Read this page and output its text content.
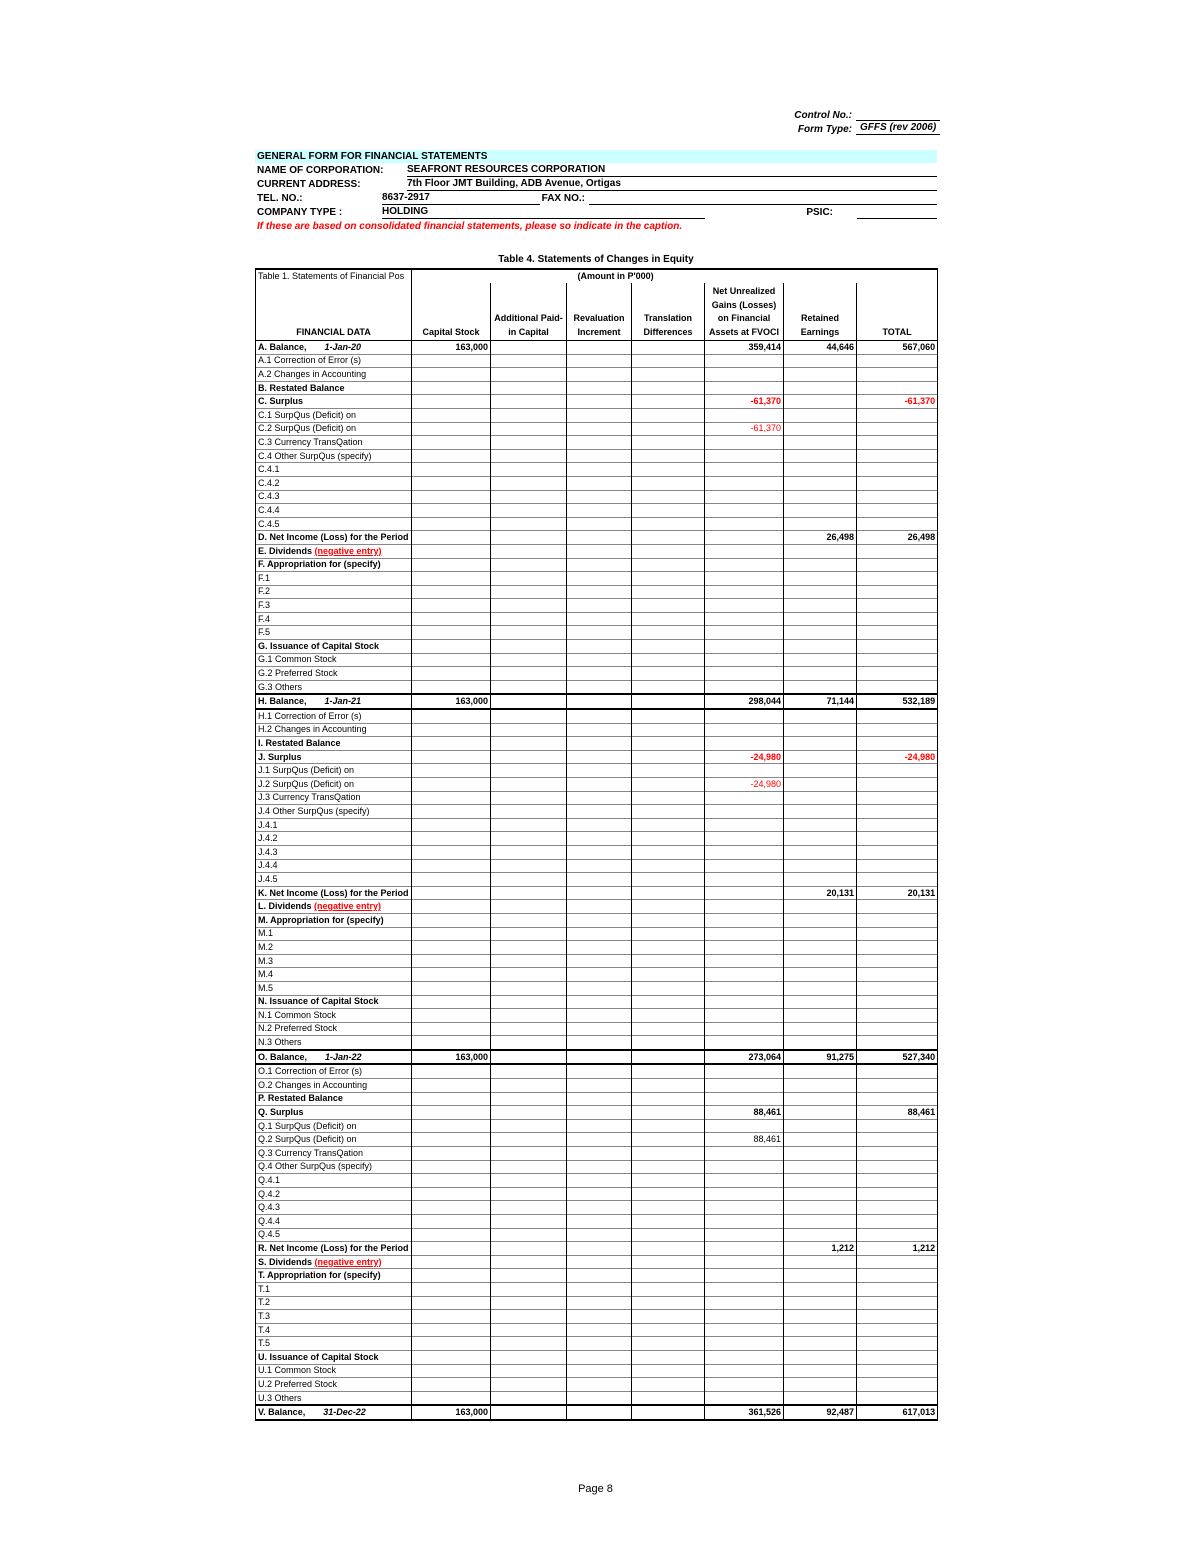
Control No.:
Form Type: GFFS (rev 2006)
GENERAL FORM FOR FINANCIAL STATEMENTS
NAME OF CORPORATION:	SEAFRONT RESOURCES CORPORATION
CURRENT ADDRESS:	7th Floor JMT Building, ADB Avenue, Ortigas
TEL. NO.:	8637-2917	FAX NO.:
COMPANY TYPE :	HOLDING	PSIC:
If these are based on consolidated financial statements, please so indicate in the caption.
Table 4. Statements of Changes in Equity
Table 1. Statements of Financial Pos	(Amount in P'000)						
FINANCIAL DATA	Capital Stock	Additional Paid-in Capital	Revaluation Increment	Translation Differences	Net Unrealized Gains (Losses) on Financial Assets at FVOCI	Retained Earnings	TOTAL
A. Balance, 1-Jan-20	163,000				359,414	44,646	567,060
A.1 Correction of Error (s)							
A.2 Changes in Accounting							
B. Restated Balance							
C. Surplus					-61,370		-61,370
C.1 SurpQus (Deficit) on							
C.2 SurpQus (Deficit) on					-61,370		
C.3 Currency TransQation							
C.4 Other SurpQus (specify)							
C.4.1							
C.4.2							
C.4.3							
C.4.4							
C.4.5							
D. Net Income (Loss) for the Period						26,498	26,498
E. Dividends (negative entry)							
F. Appropriation for (specify)							
F.1							
F.2							
F.3							
F.4							
F.5							
G. Issuance of Capital Stock							
G.1 Common Stock							
G.2 Preferred Stock							
G.3 Others							
H. Balance, 1-Jan-21	163,000				298,044	71,144	532,189
H.1 Correction of Error (s)							
H.2 Changes in Accounting							
I. Restated Balance							
J. Surplus					-24,980		-24,980
J.1 SurpQus (Deficit) on							
J.2 SurpQus (Deficit) on					-24,980		
J.3 Currency TransQation							
J.4 Other SurpQus (specify)							
J.4.1							
J.4.2							
J.4.3							
J.4.4							
J.4.5							
K. Net Income (Loss) for the Period						20,131	20,131
L. Dividends (negative entry)							
M. Appropriation for (specify)							
M.1							
M.2							
M.3							
M.4							
M.5							
N. Issuance of Capital Stock							
N.1 Common Stock							
N.2 Preferred Stock							
N.3 Others							
O. Balance, 1-Jan-22	163,000				273,064	91,275	527,340
O.1 Correction of Error (s)							
O.2 Changes in Accounting							
P. Restated Balance							
Q. Surplus					88,461		88,461
Q.1 SurpQus (Deficit) on							
Q.2 SurpQus (Deficit) on					88,461		
Q.3 Currency TransQation							
Q.4 Other SurpQus (specify)							
Q.4.1							
Q.4.2							
Q.4.3							
Q.4.4							
Q.4.5							
R. Net Income (Loss) for the Period						1,212	1,212
S. Dividends (negative entry)							
T. Appropriation for (specify)							
T.1							
T.2							
T.3							
T.4							
T.5							
U. Issuance of Capital Stock							
U.1 Common Stock							
U.2 Preferred Stock							
U.3 Others							
V. Balance, 31-Dec-22	163,000				361,526	92,487	617,013
Page 8
